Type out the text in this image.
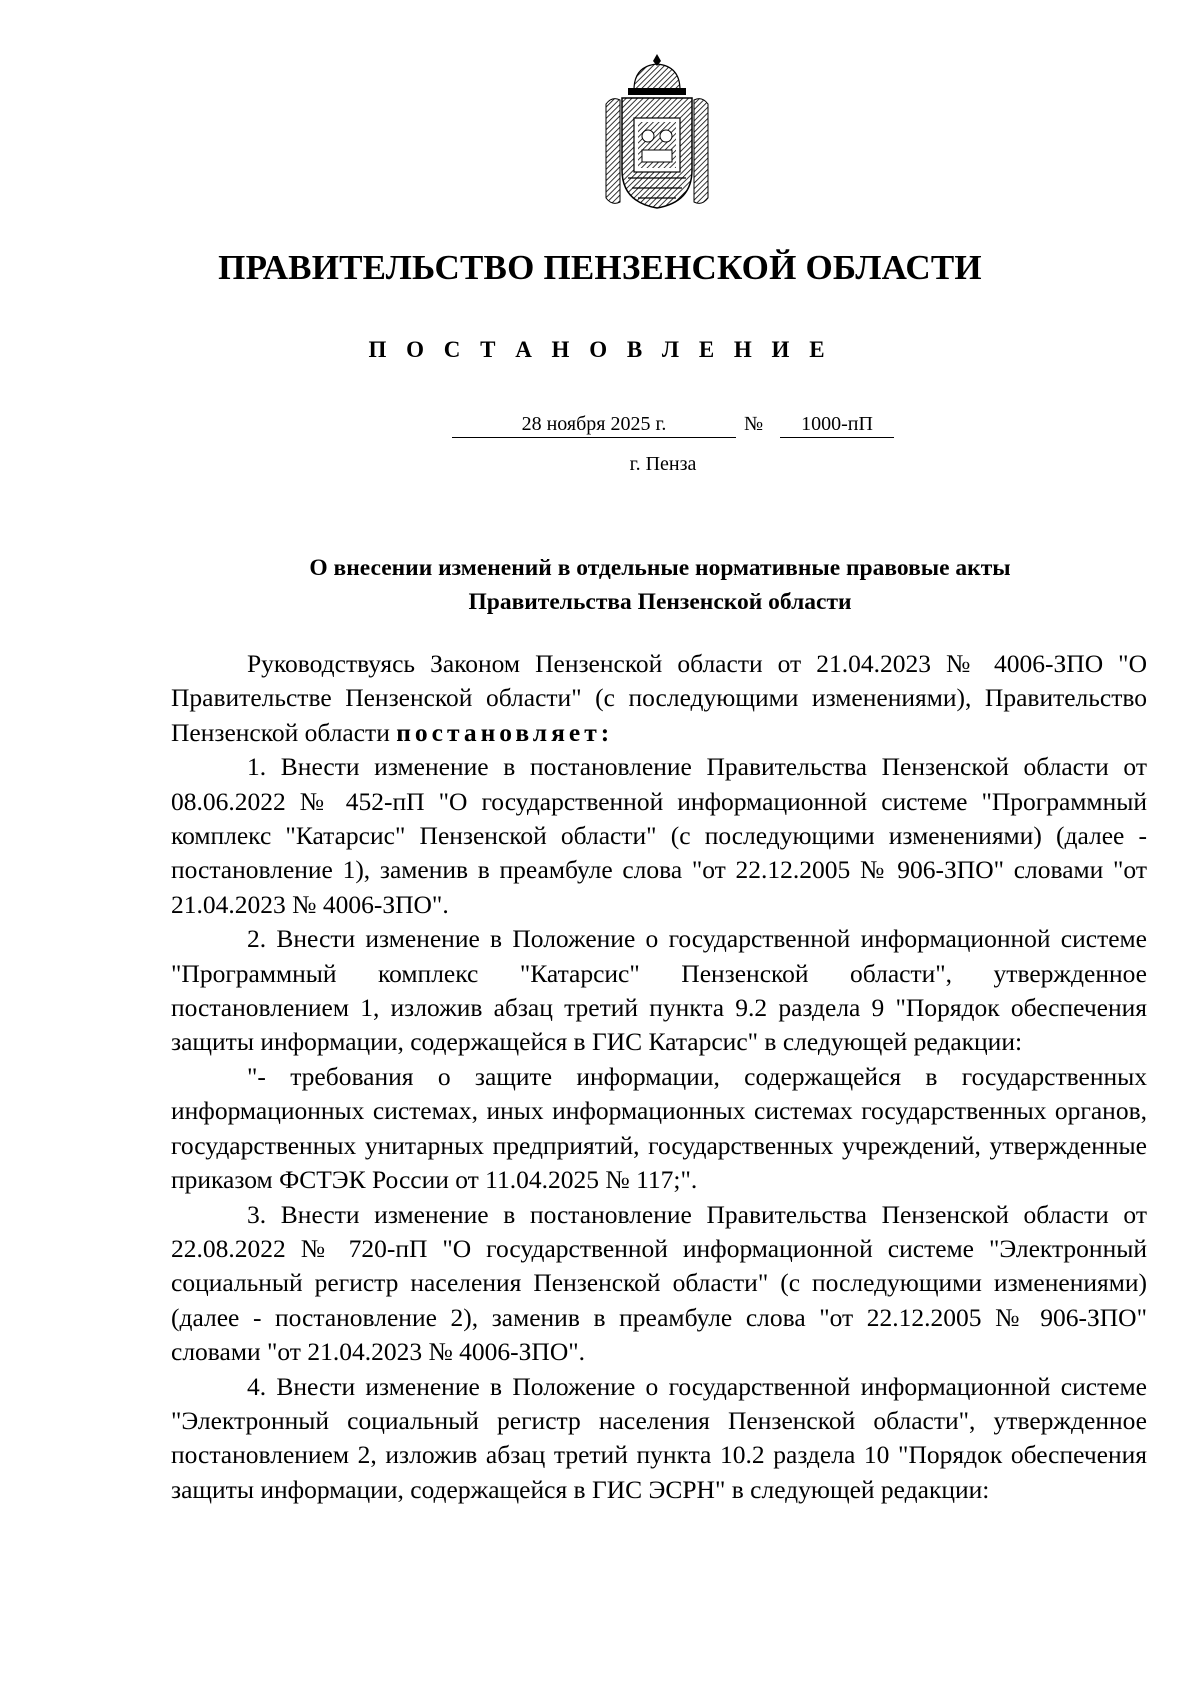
ПРАВИТЕЛЬСТВО ПЕНЗЕНСКОЙ ОБЛАСТИ
П О С Т А Н О В Л Е Н И Е
28 ноября 2025 г.	№	1000-пП
г. Пенза
О внесении изменений в отдельные нормативные правовые акты
Правительства Пензенской области

Руководствуясь Законом Пензенской области от 21.04.2023 № 4006-ЗПО "О Правительстве Пензенской области" (с последующими изменениями), Правительство Пензенской области постановляет:

1. Внести изменение в постановление Правительства Пензенской области от 08.06.2022 № 452-пП "О государственной информационной системе "Программный комплекс "Катарсис" Пензенской области" (с последующими изменениями) (далее - постановление 1), заменив в преамбуле слова "от 22.12.2005 № 906-ЗПО" словами "от 21.04.2023 № 4006-ЗПО".

2. Внести изменение в Положение о государственной информационной системе "Программный комплекс "Катарсис" Пензенской области", утвержденное постановлением 1, изложив абзац третий пункта 9.2 раздела 9 "Порядок обеспечения защиты информации, содержащейся в ГИС Катарсис" в следующей редакции:

"- требования о защите информации, содержащейся в государственных информационных системах, иных информационных системах государственных органов, государственных унитарных предприятий, государственных учреждений, утвержденные приказом ФСТЭК России от 11.04.2025 № 117;".

3. Внести изменение в постановление Правительства Пензенской области от 22.08.2022 № 720-пП "О государственной информационной системе "Электронный социальный регистр населения Пензенской области" (с последующими изменениями) (далее - постановление 2), заменив в преамбуле слова "от 22.12.2005 № 906-ЗПО" словами "от 21.04.2023 № 4006-ЗПО".

4. Внести изменение в Положение о государственной информационной системе "Электронный социальный регистр населения Пензенской области", утвержденное постановлением 2, изложив абзац третий пункта 10.2 раздела 10 "Порядок обеспечения защиты информации, содержащейся в ГИС ЭСРН" в следующей редакции:
